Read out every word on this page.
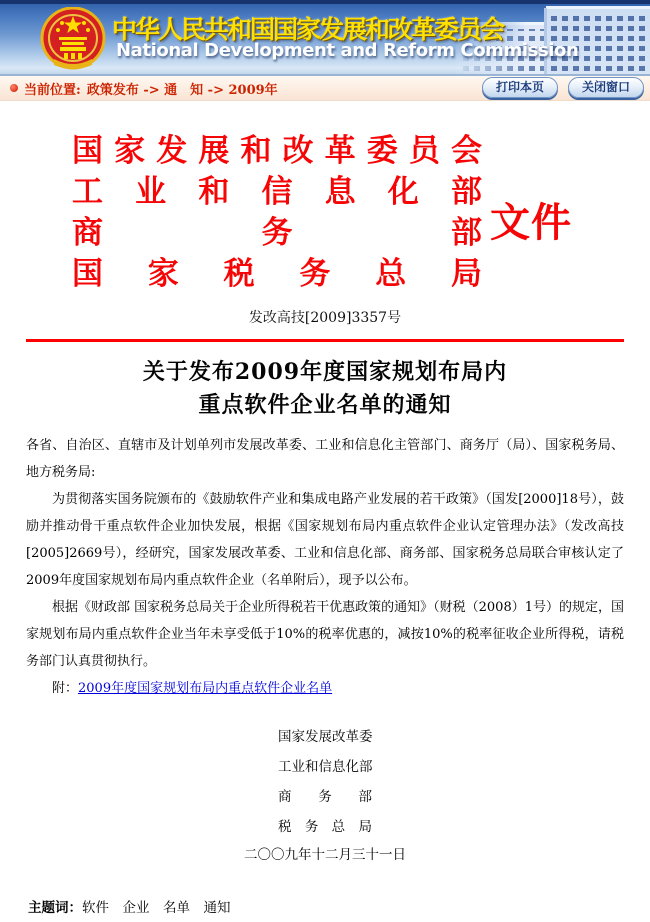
中华人民共和国国家发展和改革委员会
National Development and Reform Commission
当前位置: 政策发布 -> 通　知 -> 2009年	打印本页	关闭窗口
国 家 发 展 和 改 革 委 员 会
工 业 和 信 息 化 部
商	务	部
国 家 税 务 总 局
文件
发改高技[2009]3357号
关于发布2009年度国家规划布局内
重点软件企业名单的通知

各省、自治区、直辖市及计划单列市发展改革委、工业和信息化主管部门、商务厅（局）、国家税务局、地方税务局:

为贯彻落实国务院颁布的《鼓励软件产业和集成电路产业发展的若干政策》（国发[2000]18号），鼓励并推动骨干重点软件企业加快发展，根据《国家规划布局内重点软件企业认定管理办法》（发改高技[2005]2669号），经研究，国家发展改革委、工业和信息化部、商务部、国家税务总局联合审核认定了2009年度国家规划布局内重点软件企业（名单附后），现予以公布。

根据《财政部 国家税务总局关于企业所得税若干优惠政策的通知》（财税（2008）1号）的规定，国家规划布局内重点软件企业当年未享受低于10%的税率优惠的，减按10%的税率征收企业所得税，请税务部门认真贯彻执行。

附：2009年度国家规划布局内重点软件企业名单

国 家 发 展 改 革 委
工 业 和 信 息 化 部
商 务 部
税 务 总 局
二〇〇九年十二月三十一日
主题词：软件　企业　名单　通知
